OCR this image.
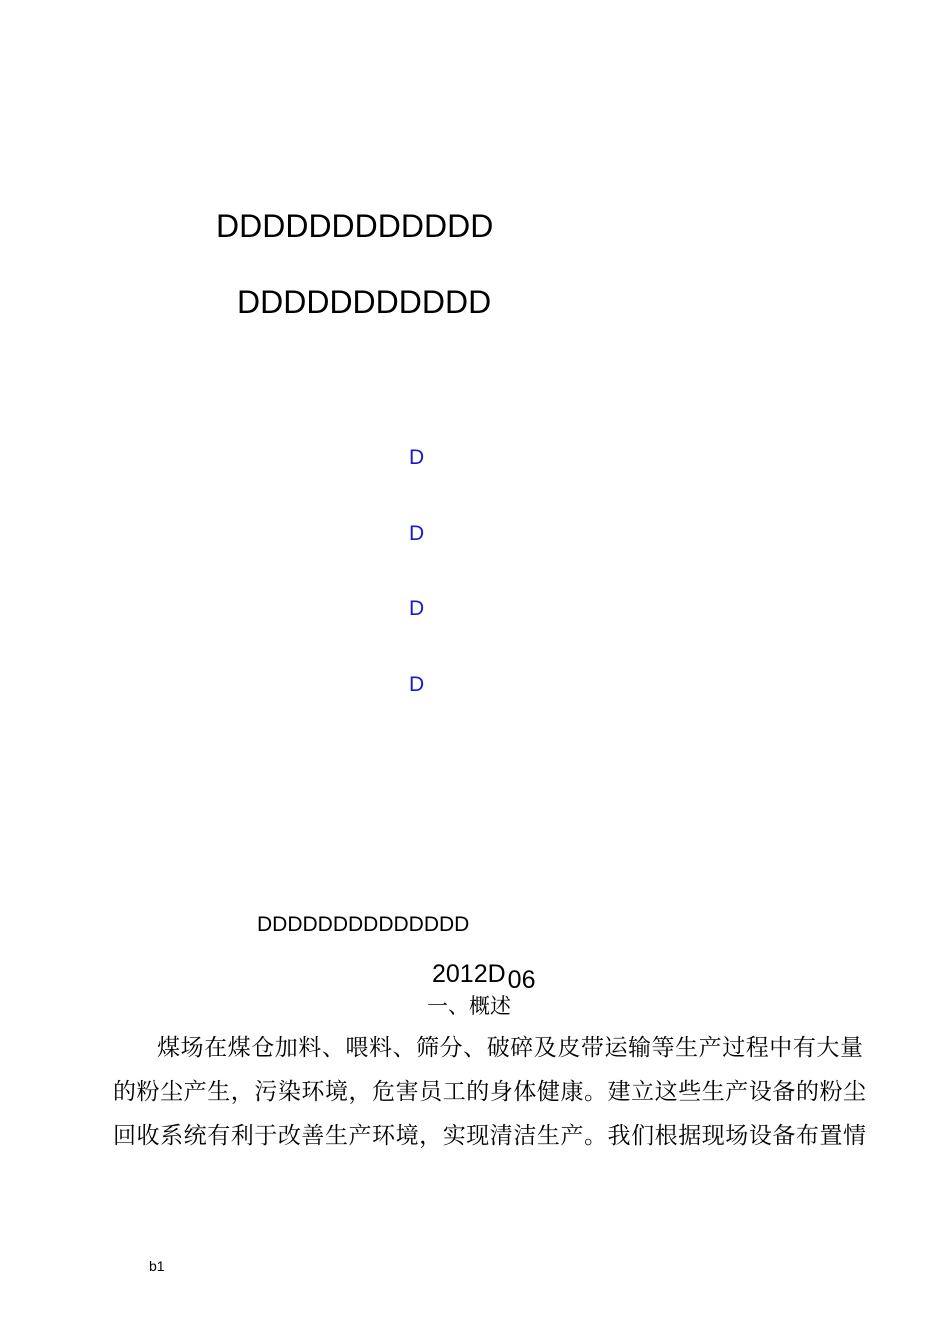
DDDDDDDDDDDD
DDDDDDDDDDD
D
D
D
D
DDDDDDDDDDDDDD
2012D06
一、概述
煤场在煤仓加料、喂料、筛分、破碎及皮带运输等生产过程中有大量
的粉尘产生，污染环境，危害员工的身体健康。建立这些生产设备的粉尘
回收系统有利于改善生产环境，实现清洁生产。我们根据现场设备布置情
b1
